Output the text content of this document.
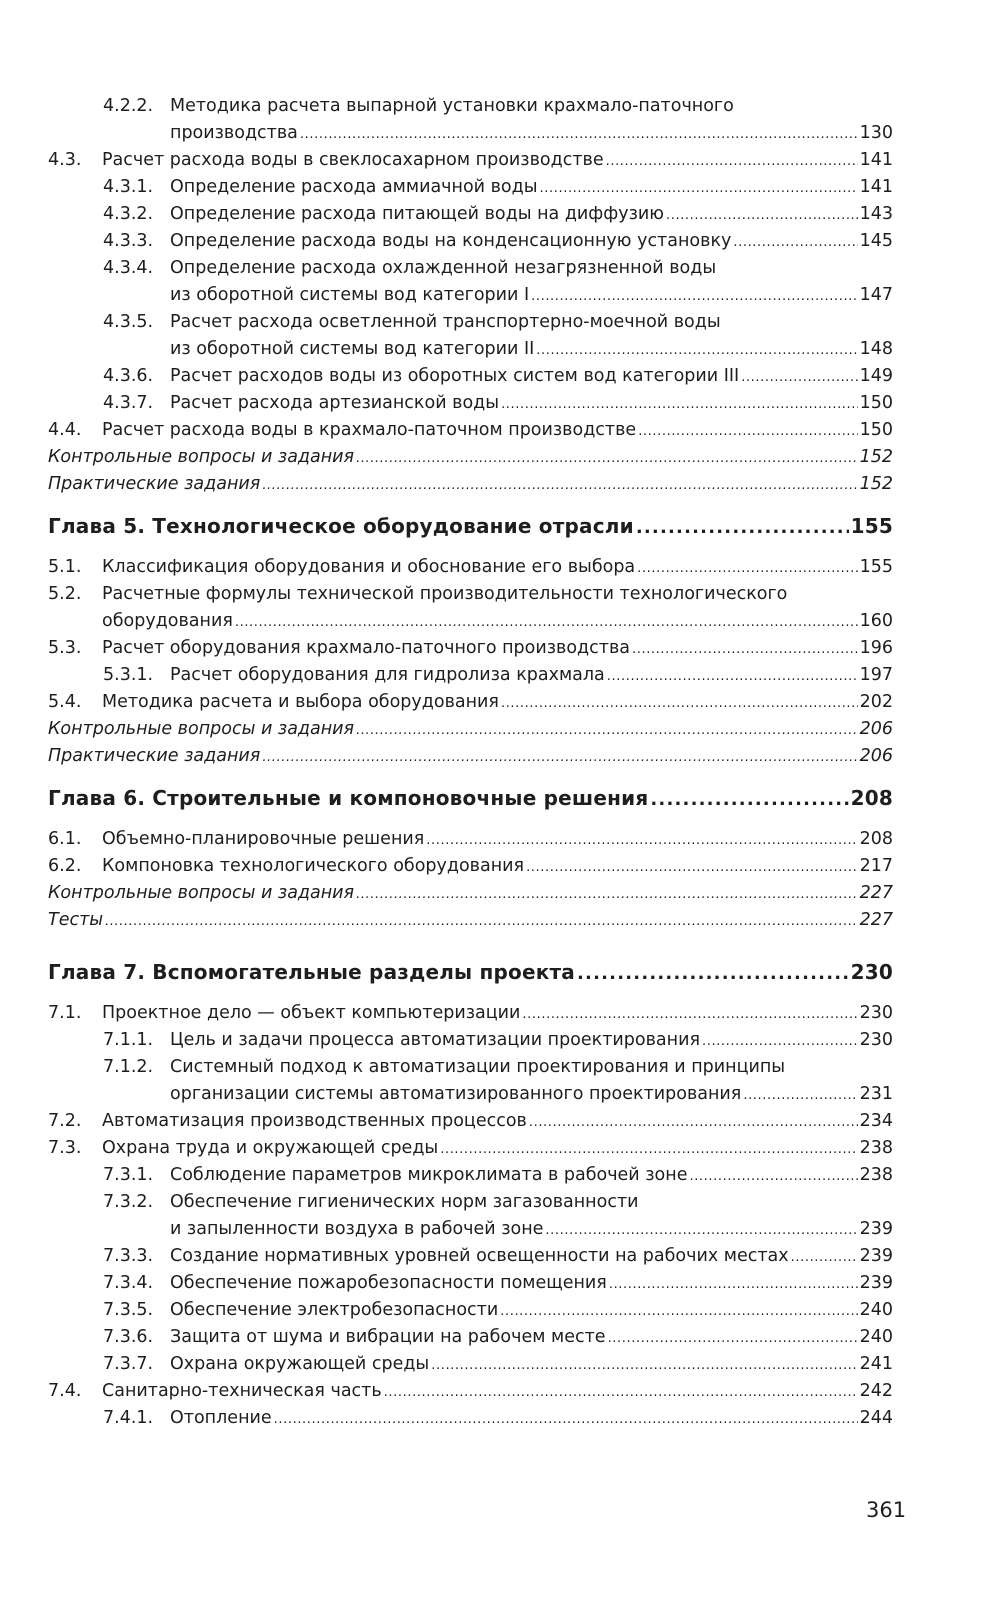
4.2.2. Методика расчета выпарной установки крахмало-паточного
производства .....	130
4.3. Расчет расхода воды в свеклосахарном производстве .....	141
4.3.1. Определение расхода аммиачной воды .....	141
4.3.2. Определение расхода питающей воды на диффузию .....	143
4.3.3. Определение расхода воды на конденсационную установку .....	145
4.3.4. Определение расхода охлажденной незагрязненной воды
из оборотной системы вод категории I .....	147
4.3.5. Расчет расхода осветленной транспортерно-моечной воды
из оборотной системы вод категории II .....	148
4.3.6. Расчет расходов воды из оборотных систем вод категории III .....	149
4.3.7. Расчет расхода артезианской воды .....	150
4.4. Расчет расхода воды в крахмало-паточном производстве .....	150
Контрольные вопросы и задания .....	152
Практические задания .....	152
Глава 5. Технологическое оборудование отрасли .....	155
5.1. Классификация оборудования и обоснование его выбора .....	155
5.2. Расчетные формулы технической производительности технологического
оборудования .....	160
5.3. Расчет оборудования крахмало-паточного производства .....	196
5.3.1. Расчет оборудования для гидролиза крахмала .....	197
5.4. Методика расчета и выбора оборудования .....	202
Контрольные вопросы и задания .....	206
Практические задания .....	206
Глава 6. Строительные и компоновочные решения .....	208
6.1. Объемно-планировочные решения .....	208
6.2. Компоновка технологического оборудования .....	217
Контрольные вопросы и задания .....	227
Тесты .....	227
Глава 7. Вспомогательные разделы проекта .....	230
7.1. Проектное дело — объект компьютеризации .....	230
7.1.1. Цель и задачи процесса автоматизации проектирования .....	230
7.1.2. Системный подход к автоматизации проектирования и принципы
организации системы автоматизированного проектирования .....	231
7.2. Автоматизация производственных процессов .....	234
7.3. Охрана труда и окружающей среды .....	238
7.3.1. Соблюдение параметров микроклимата в рабочей зоне .....	238
7.3.2. Обеспечение гигиенических норм загазованности
и запыленности воздуха в рабочей зоне .....	239
7.3.3. Создание нормативных уровней освещенности на рабочих местах .....	239
7.3.4. Обеспечение пожаробезопасности помещения .....	239
7.3.5. Обеспечение электробезопасности .....	240
7.3.6. Защита от шума и вибрации на рабочем месте .....	240
7.3.7. Охрана окружающей среды .....	241
7.4. Санитарно-техническая часть .....	242
7.4.1. Отопление .....	244
361
